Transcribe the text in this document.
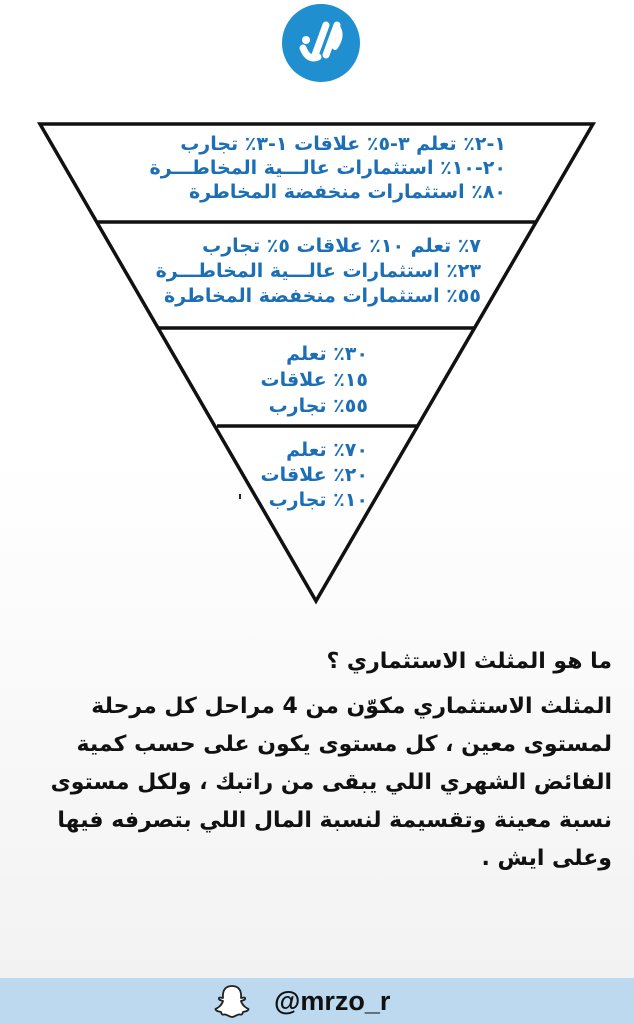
١-٢٪ تعلم ٣-٥٪ علاقات ١-٣٪ تجارب
٢٠-١٠٪ استثمارات عالـــية المخاطـــرة
٨٠٪ استثمارات منخفضة المخاطرة
٧٪ تعلم ١٠٪ علاقات ٥٪ تجارب
٢٣٪ استثمارات عالـــية المخاطـــرة
٥٥٪ استثمارات منخفضة المخاطرة
٣٠٪ تعلم
١٥٪ علاقات
٥٥٪ تجارب
٧٠٪ تعلم
٢٠٪ علاقات
١٠٪ تجارب
ما هو المثلث الاستثماري ؟
المثلث الاستثماري مكوّن من 4 مراحل كل مرحلة
لمستوى معين ، كل مستوى يكون على حسب كمية
الفائض الشهري اللي يبقى من راتبك ، ولكل مستوى
نسبة معينة وتقسيمة لنسبة المال اللي بتصرفه فيها
وعلى ايش .
@mrzo_r
